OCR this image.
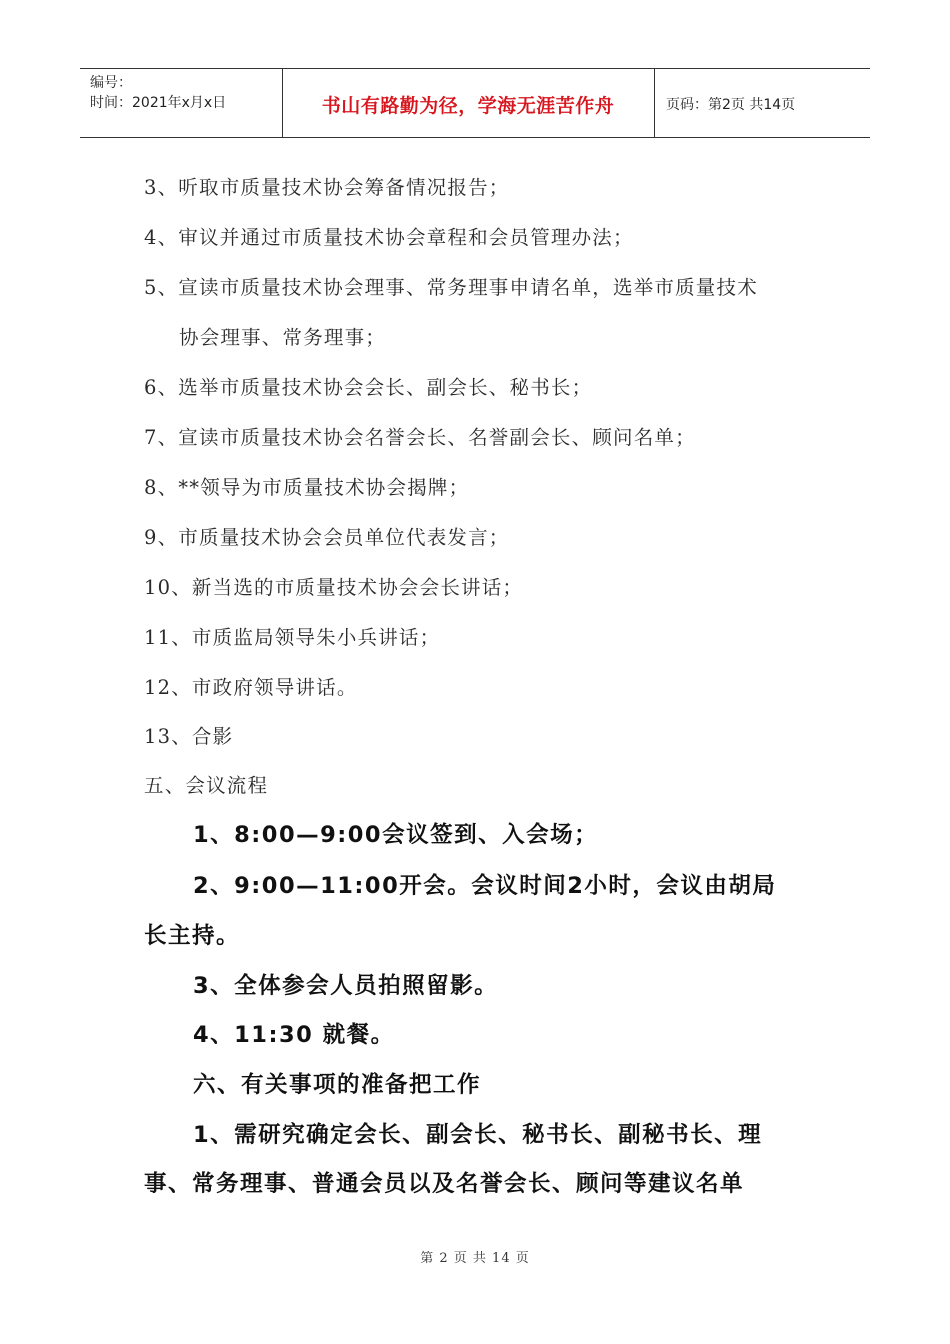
编号：
时间：2021年x月x日	书山有路勤为径，学海无涯苦作舟	页码：第2页 共14页
3、听取市质量技术协会筹备情况报告；
4、审议并通过市质量技术协会章程和会员管理办法；
5、宣读市质量技术协会理事、常务理事申请名单，选举市质量技术
协会理事、常务理事；
6、选举市质量技术协会会长、副会长、秘书长；
7、宣读市质量技术协会名誉会长、名誉副会长、顾问名单；
8、**领导为市质量技术协会揭牌；
9、市质量技术协会会员单位代表发言；
10、新当选的市质量技术协会会长讲话；
11、市质监局领导朱小兵讲话；
12、市政府领导讲话。
13、合影
五、会议流程
1、8:00—9:00会议签到、入会场；
2、9:00—11:00开会。会议时间2小时，会议由胡局
长主持。
3、全体参会人员拍照留影。
4、11:30 就餐。
六、有关事项的准备把工作
1、需研究确定会长、副会长、秘书长、副秘书长、理
事、常务理事、普通会员以及名誉会长、顾问等建议名单
第 2 页 共 14 页
